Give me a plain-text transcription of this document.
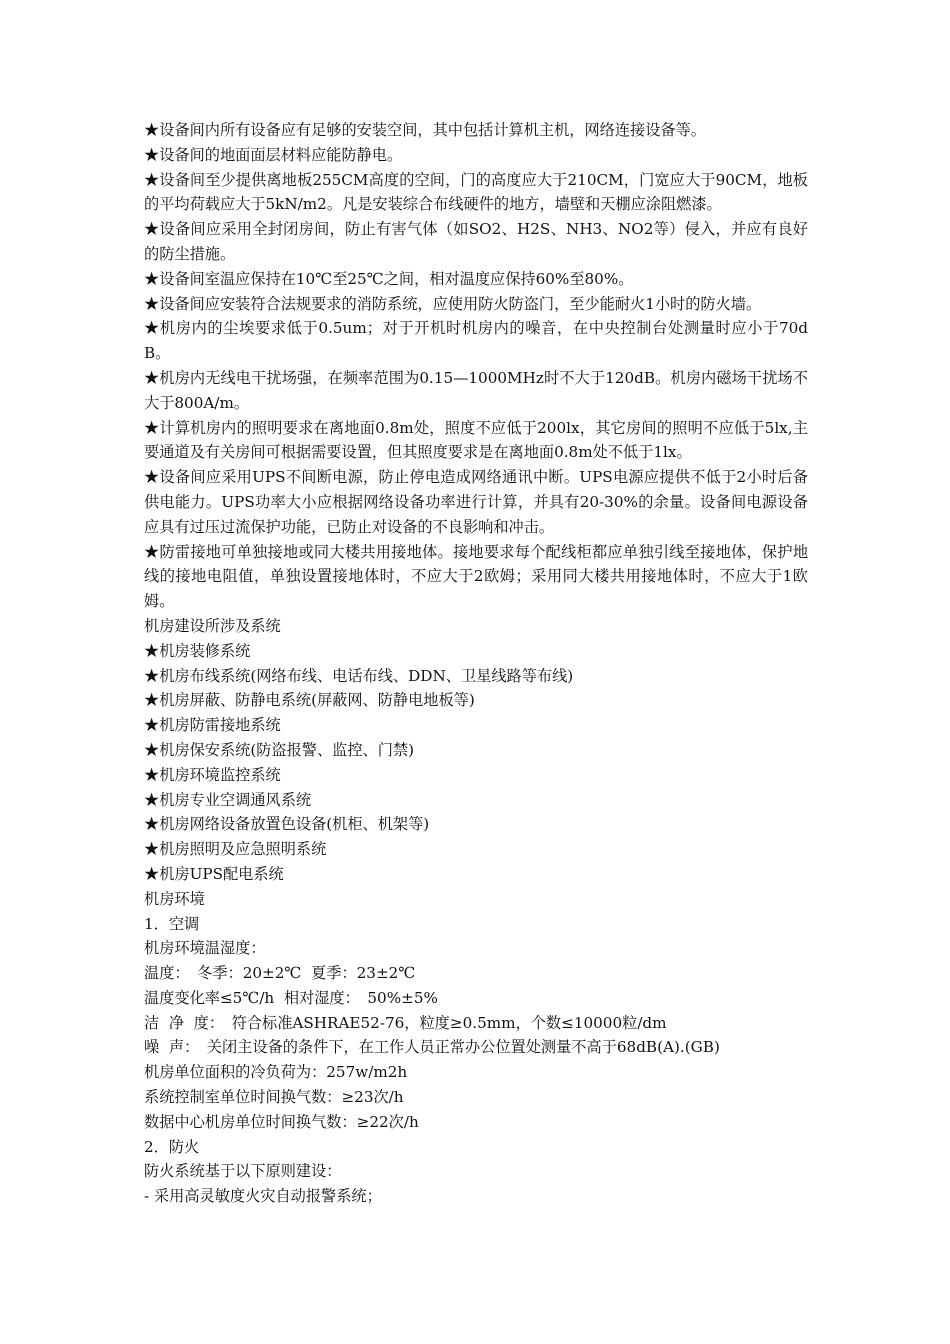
★设备间内所有设备应有足够的安装空间，其中包括计算机主机，网络连接设备等。

★设备间的地面面层材料应能防静电。

★设备间至少提供离地板255CM高度的空间，门的高度应大于210CM，门宽应大于90CM，地板的平均荷载应大于5kN/m2。凡是安装综合布线硬件的地方，墙壁和天棚应涂阻燃漆。

★设备间应采用全封闭房间，防止有害气体（如SO2、H2S、NH3、NO2等）侵入，并应有良好的防尘措施。

★设备间室温应保持在10℃至25℃之间，相对温度应保持60%至80%。

★设备间应安装符合法规要求的消防系统，应使用防火防盗门，至少能耐火1小时的防火墙。

★机房内的尘埃要求低于0.5um；对于开机时机房内的噪音，在中央控制台处测量时应小于70dB。

★机房内无线电干扰场强，在频率范围为0.15—1000MHz时不大于120dB。机房内磁场干扰场不大于800A/m。

★计算机房内的照明要求在离地面0.8m处，照度不应低于200lx，其它房间的照明不应低于5lx,主要通道及有关房间可根据需要设置，但其照度要求是在离地面0.8m处不低于1lx。

★设备间应采用UPS不间断电源，防止停电造成网络通讯中断。UPS电源应提供不低于2小时后备供电能力。UPS功率大小应根据网络设备功率进行计算，并具有20-30%的余量。设备间电源设备应具有过压过流保护功能，已防止对设备的不良影响和冲击。

★防雷接地可单独接地或同大楼共用接地体。接地要求每个配线柜都应单独引线至接地体，保护地线的接地电阻值，单独设置接地体时，不应大于2欧姆；采用同大楼共用接地体时，不应大于1欧姆。

机房建设所涉及系统

★机房装修系统

★机房布线系统(网络布线、电话布线、DDN、卫星线路等布线)

★机房屏蔽、防静电系统(屏蔽网、防静电地板等)

★机房防雷接地系统

★机房保安系统(防盗报警、监控、门禁)

★机房环境监控系统

★机房专业空调通风系统

★机房网络设备放置色设备(机柜、机架等)

★机房照明及应急照明系统

★机房UPS配电系统

机房环境

1．空调

机房环境温湿度：

温度：　冬季：20±2℃  夏季：23±2℃

温度变化率≤5℃/h  相对湿度：　50%±5%

洁  净  度：　符合标准ASHRAE52-76，粒度≥0.5mm，个数≤10000粒/dm

噪  声：　关闭主设备的条件下，在工作人员正常办公位置处测量不高于68dB(A).(GB)

机房单位面积的冷负荷为：257w/m2h

系统控制室单位时间换气数：≥23次/h

数据中心机房单位时间换气数：≥22次/h

2．防火

防火系统基于以下原则建设：

- 采用高灵敏度火灾自动报警系统；
